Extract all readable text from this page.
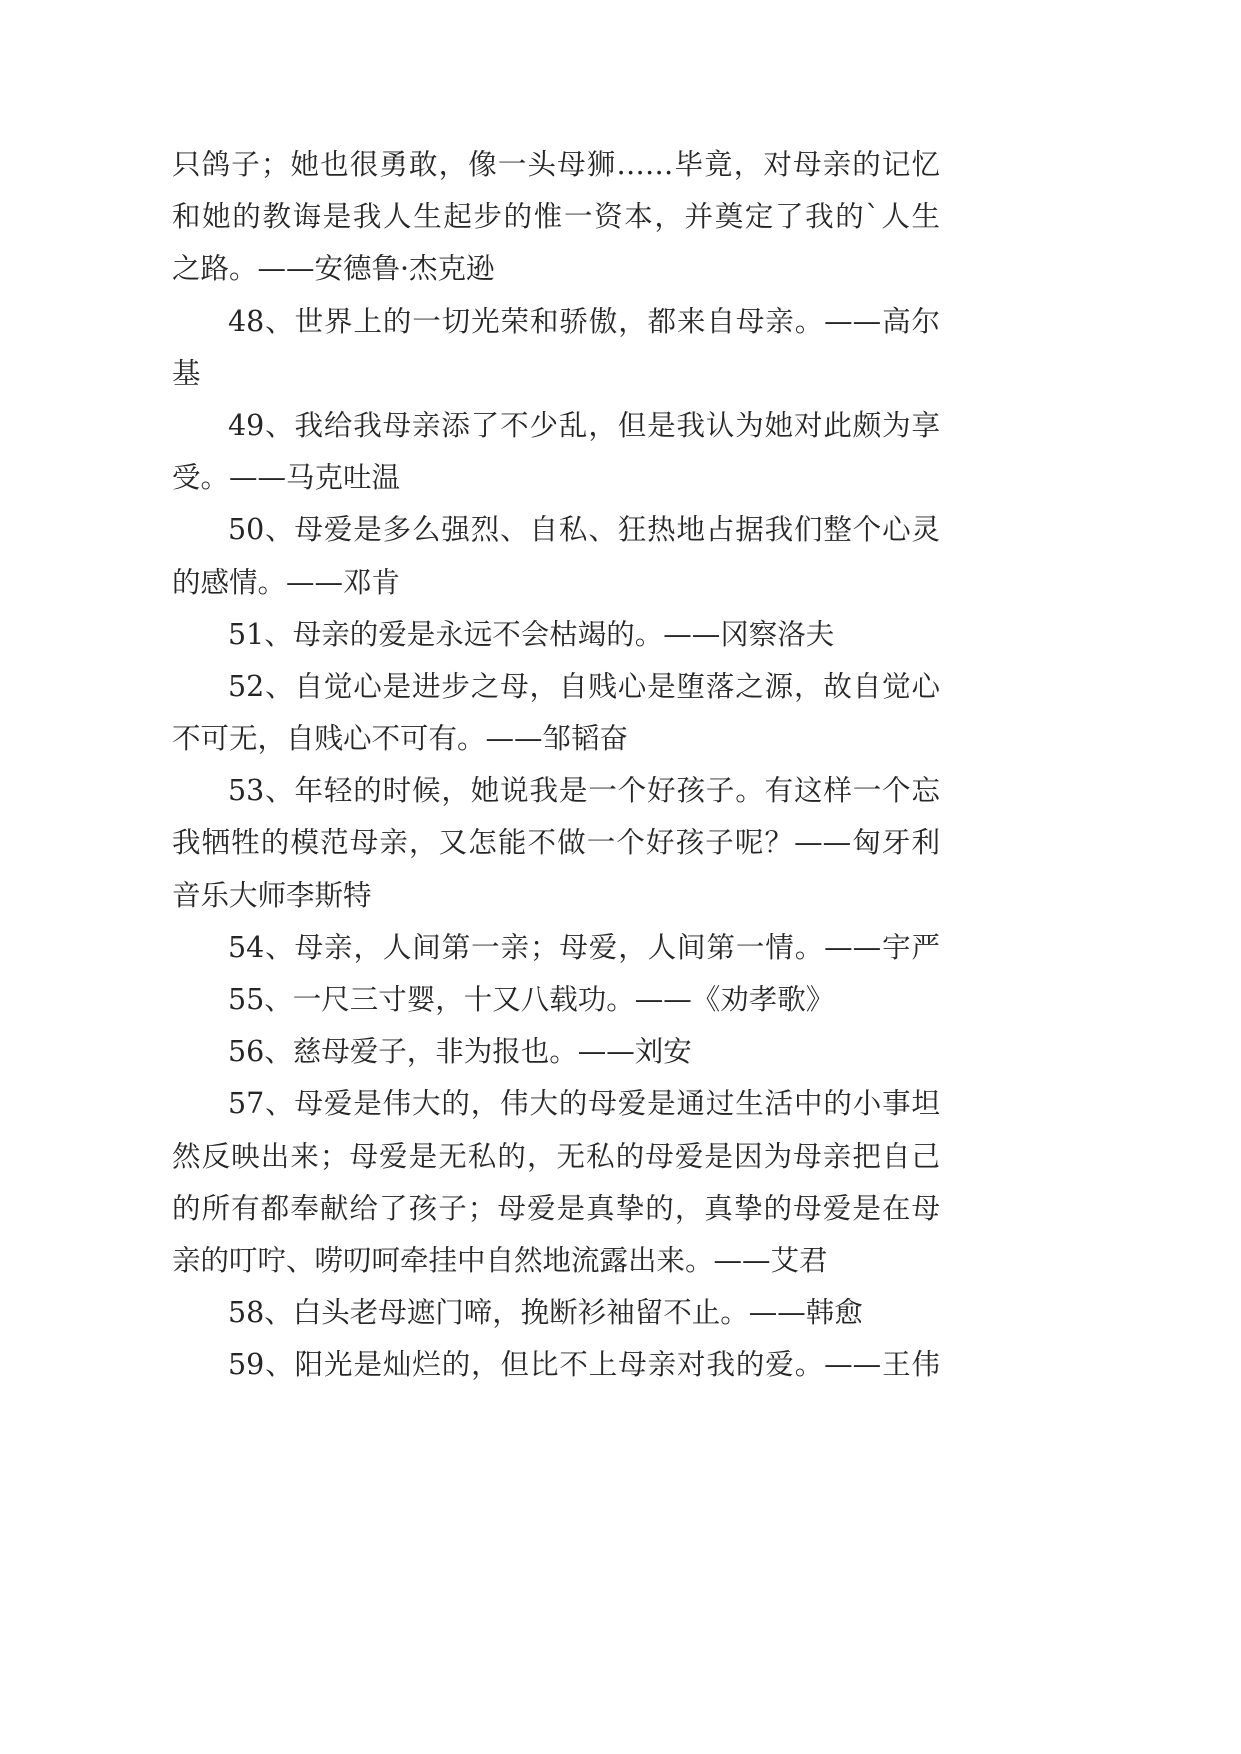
只鸽子；她也很勇敢，像一头母狮……毕竟，对母亲的记忆
和她的教诲是我人生起步的惟一资本，并奠定了我的`人生
之路。——安德鲁·杰克逊
48、世界上的一切光荣和骄傲，都来自母亲。——高尔
基
49、我给我母亲添了不少乱，但是我认为她对此颇为享
受。——马克吐温
50、母爱是多么强烈、自私、狂热地占据我们整个心灵
的感情。——邓肯
51、母亲的爱是永远不会枯竭的。——冈察洛夫
52、自觉心是进步之母，自贱心是堕落之源，故自觉心
不可无，自贱心不可有。——邹韬奋
53、年轻的时候，她说我是一个好孩子。有这样一个忘
我牺牲的模范母亲，又怎能不做一个好孩子呢？——匈牙利
音乐大师李斯特
54、母亲，人间第一亲；母爱，人间第一情。——宇严
55、一尺三寸婴，十又八载功。——《劝孝歌》
56、慈母爱子，非为报也。——刘安
57、母爱是伟大的，伟大的母爱是通过生活中的小事坦
然反映出来；母爱是无私的，无私的母爱是因为母亲把自己
的所有都奉献给了孩子；母爱是真挚的，真挚的母爱是在母
亲的叮咛、唠叨呵牵挂中自然地流露出来。——艾君
58、白头老母遮门啼，挽断衫袖留不止。——韩愈
59、阳光是灿烂的，但比不上母亲对我的爱。——王伟
